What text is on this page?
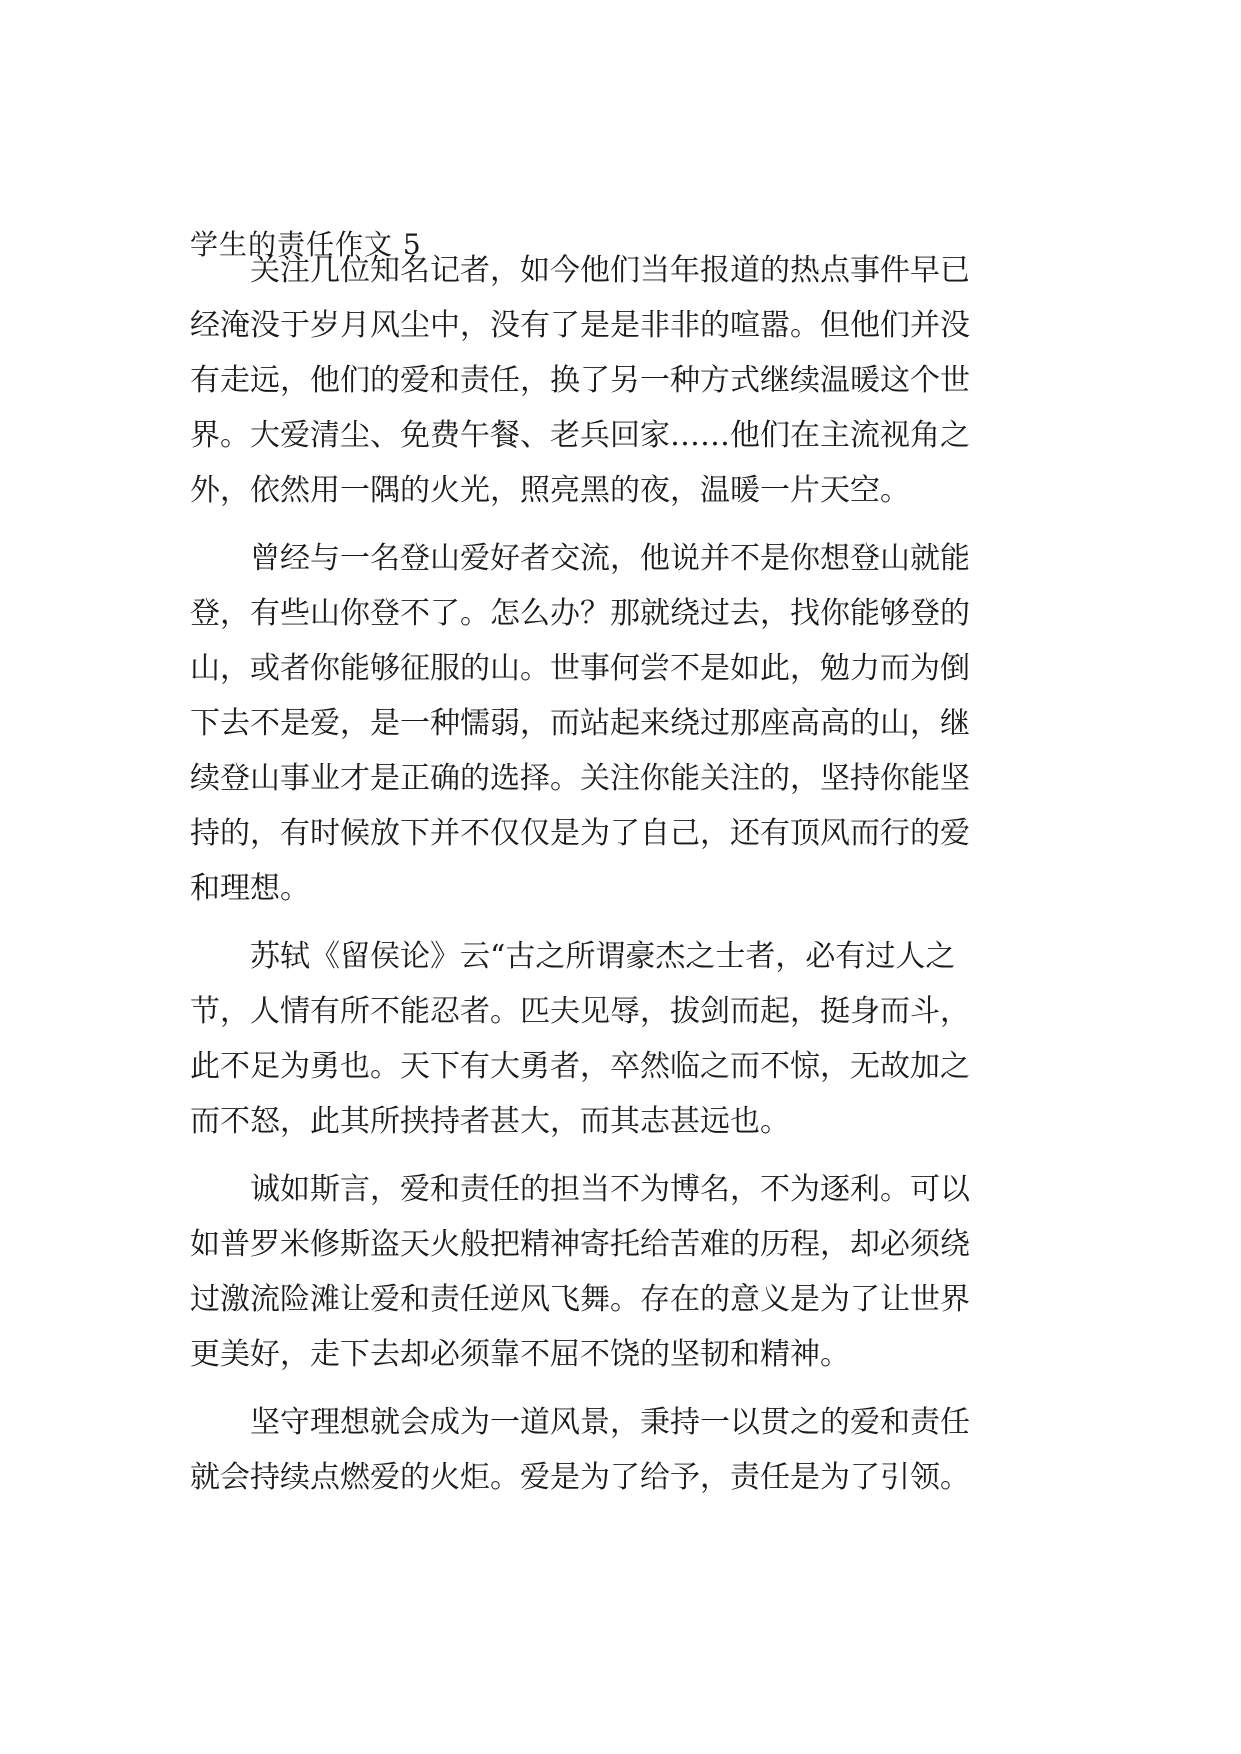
学生的责任作文 5
　　关注几位知名记者，如今他们当年报道的热点事件早已
经淹没于岁月风尘中，没有了是是非非的喧嚣。但他们并没
有走远，他们的爱和责任，换了另一种方式继续温暖这个世
界。大爱清尘、免费午餐、老兵回家……他们在主流视角之
外，依然用一隅的火光，照亮黑的夜，温暖一片天空。
　　曾经与一名登山爱好者交流，他说并不是你想登山就能
登，有些山你登不了。怎么办？那就绕过去，找你能够登的
山，或者你能够征服的山。世事何尝不是如此，勉力而为倒
下去不是爱，是一种懦弱，而站起来绕过那座高高的山，继
续登山事业才是正确的选择。关注你能关注的，坚持你能坚
持的，有时候放下并不仅仅是为了自己，还有顶风而行的爱
和理想。
　　苏轼《留侯论》云“古之所谓豪杰之士者，必有过人之
节，人情有所不能忍者。匹夫见辱，拔剑而起，挺身而斗，
此不足为勇也。天下有大勇者，卒然临之而不惊，无故加之
而不怒，此其所挟持者甚大，而其志甚远也。
　　诚如斯言，爱和责任的担当不为博名，不为逐利。可以
如普罗米修斯盗天火般把精神寄托给苦难的历程，却必须绕
过激流险滩让爱和责任逆风飞舞。存在的意义是为了让世界
更美好，走下去却必须靠不屈不饶的坚韧和精神。
　　坚守理想就会成为一道风景，秉持一以贯之的爱和责任
就会持续点燃爱的火炬。爱是为了给予，责任是为了引领。
